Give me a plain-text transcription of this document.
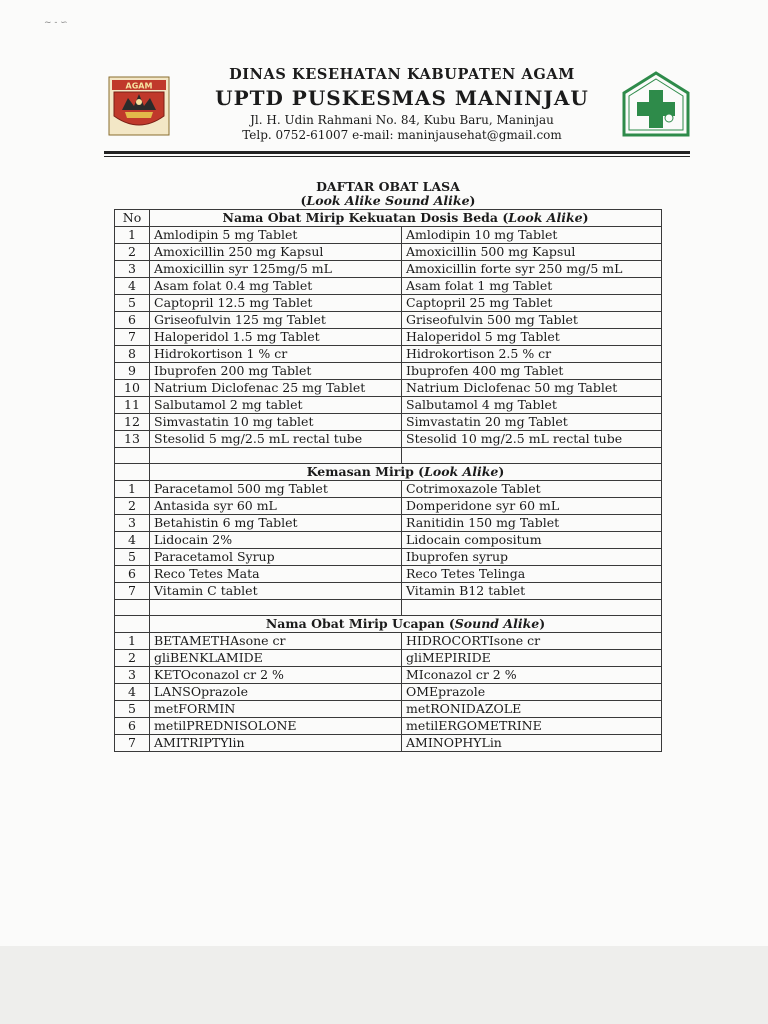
~ - ∽
AGAM
DINAS KESEHATAN KABUPATEN AGAM
UPTD PUSKESMAS MANINJAU
Jl. H. Udin Rahmani No. 84, Kubu Baru, Maninjau
Telp. 0752-61007 e-mail: maninjausehat@gmail.com
DAFTAR OBAT LASA
(Look Alike Sound Alike)
No	Nama Obat Mirip Kekuatan Dosis Beda (Look Alike)	
1	Amlodipin 5 mg Tablet	Amlodipin 10 mg Tablet
2	Amoxicillin 250 mg Kapsul	Amoxicillin 500 mg Kapsul
3	Amoxicillin syr 125mg/5 mL	Amoxicillin forte syr 250 mg/5 mL
4	Asam folat 0.4 mg Tablet	Asam folat 1 mg Tablet
5	Captopril 12.5 mg Tablet	Captopril 25 mg Tablet
6	Griseofulvin 125 mg Tablet	Griseofulvin 500 mg Tablet
7	Haloperidol 1.5 mg Tablet	Haloperidol 5 mg Tablet
8	Hidrokortison 1 % cr	Hidrokortison 2.5 % cr
9	Ibuprofen 200 mg Tablet	Ibuprofen 400 mg Tablet
10	Natrium Diclofenac 25 mg Tablet	Natrium Diclofenac 50 mg Tablet
11	Salbutamol 2 mg tablet	Salbutamol 4 mg Tablet
12	Simvastatin 10 mg tablet	Simvastatin 20 mg Tablet
13	Stesolid 5 mg/2.5 mL rectal tube	Stesolid 10 mg/2.5 mL rectal tube

	Kemasan Mirip (Look Alike)	
1	Paracetamol 500 mg Tablet	Cotrimoxazole Tablet
2	Antasida syr 60 mL	Domperidone syr 60 mL
3	Betahistin 6 mg Tablet	Ranitidin 150 mg Tablet
4	Lidocain 2%	Lidocain compositum
5	Paracetamol Syrup	Ibuprofen syrup
6	Reco Tetes Mata	Reco Tetes Telinga
7	Vitamin C tablet	Vitamin B12 tablet

	Nama Obat Mirip Ucapan (Sound Alike)	
1	BETAMETHAsone cr	HIDROCORTIsone cr
2	gliBENKLAMIDE	gliMEPIRIDE
3	KETOconazol cr 2 %	MIconazol cr 2 %
4	LANSOprazole	OMEprazole
5	metFORMIN	metRONIDAZOLE
6	metilPREDNISOLONE	metilERGOMETRINE
7	AMITRIPTYlin	AMINOPHYLin
